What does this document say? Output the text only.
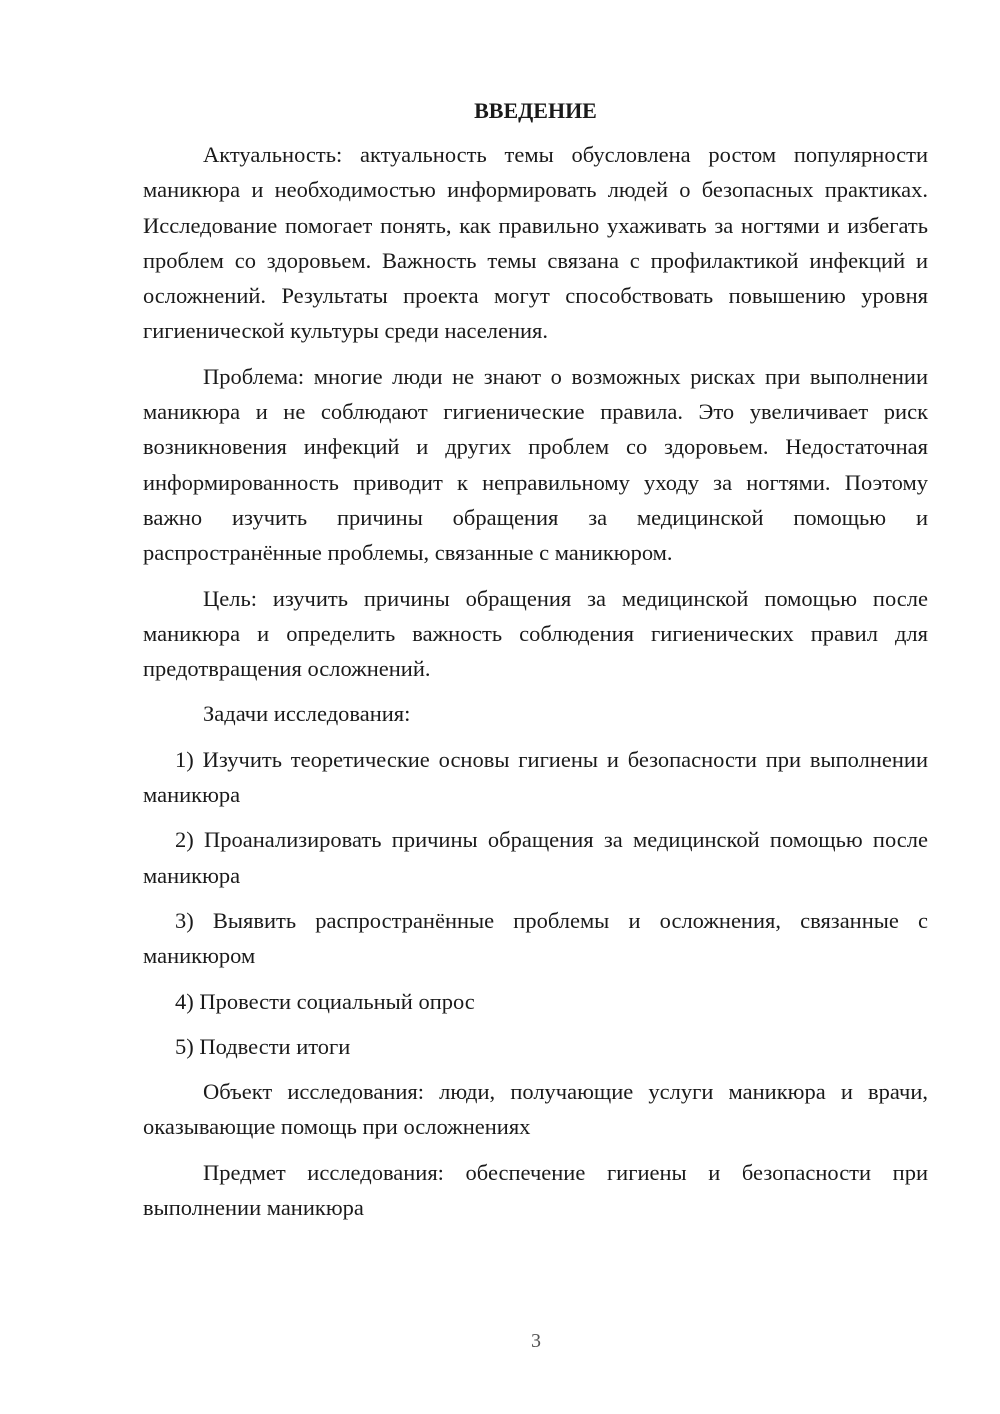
ВВЕДЕНИЕ

Актуальность: актуальность темы обусловлена ростом популярности маникюра и необходимостью информировать людей о безопасных практиках. Исследование помогает понять, как правильно ухаживать за ногтями и избегать проблем со здоровьем. Важность темы связана с профилактикой инфекций и осложнений. Результаты проекта могут способствовать повышению уровня гигиенической культуры среди населения.

Проблема: многие люди не знают о возможных рисках при выполнении маникюра и не соблюдают гигиенические правила. Это увеличивает риск возникновения инфекций и других проблем со здоровьем. Недостаточная информированность приводит к неправильному уходу за ногтями. Поэтому важно изучить причины обращения за медицинской помощью и распространённые проблемы, связанные с маникюром.

Цель: изучить причины обращения за медицинской помощью после маникюра и определить важность соблюдения гигиенических правил для предотвращения осложнений.

Задачи исследования:

1) Изучить теоретические основы гигиены и безопасности при выполнении маникюра

2) Проанализировать причины обращения за медицинской помощью после маникюра

3) Выявить распространённые проблемы и осложнения, связанные с маникюром

4) Провести социальный опрос

5) Подвести итоги

Объект исследования: люди, получающие услуги маникюра и врачи, оказывающие помощь при осложнениях

Предмет исследования: обеспечение гигиены и безопасности при выполнении маникюра

3
